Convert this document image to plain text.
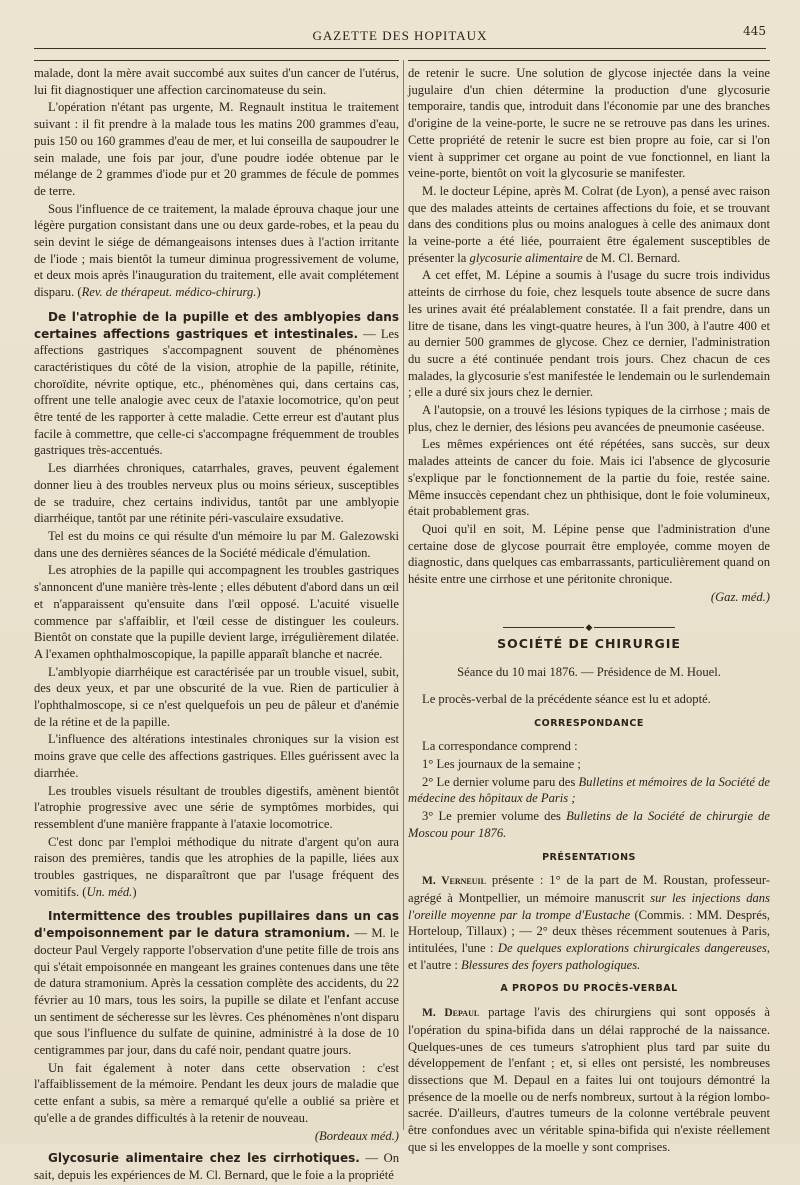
GAZETTE DES HOPITAUX	445

malade, dont la mère avait succombé aux suites d'un cancer de l'utérus, lui fit diagnostiquer une affection carcinomateuse du sein.

L'opération n'étant pas urgente, M. Regnault institua le traitement suivant : il fit prendre à la malade tous les matins 200 grammes d'eau, puis 150 ou 160 grammes d'eau de mer, et lui conseilla de saupoudrer le sein malade, une fois par jour, d'une poudre iodée obtenue par le mélange de 2 grammes d'iode pur et 20 grammes de fécule de pommes de terre.

Sous l'influence de ce traitement, la malade éprouva chaque jour une légère purgation consistant dans une ou deux garde-robes, et la peau du sein devint le siége de démangeaisons intenses dues à l'action irritante de l'iode ; mais bientôt la tumeur diminua progressivement de volume, et deux mois après l'inauguration du traitement, elle avait complétement disparu. (Rev. de thérapeut. médico-chirurg.)

De l'atrophie de la pupille et des amblyopies dans certaines affections gastriques et intestinales. — Les affections gastriques s'accompagnent souvent de phénomènes caractéristiques du côté de la vision, atrophie de la papille, rétinite, choroïdite, névrite optique, etc., phénomènes qui, dans certains cas, offrent une telle analogie avec ceux de l'ataxie locomotrice, qu'on peut être tenté de les rapporter à cette maladie. Cette erreur est d'autant plus facile à commettre, que celle-ci s'accompagne fréquemment de troubles gastriques très-accentués.

Les diarrhées chroniques, catarrhales, graves, peuvent également donner lieu à des troubles nerveux plus ou moins sérieux, susceptibles de se traduire, chez certains individus, tantôt par une amblyopie diarrhéique, tantôt par une rétinite péri-vasculaire exsudative.

Tel est du moins ce qui résulte d'un mémoire lu par M. Galezowski dans une des dernières séances de la Société médicale d'émulation.

Les atrophies de la papille qui accompagnent les troubles gastriques s'annoncent d'une manière très-lente ; elles débutent d'abord dans un œil et n'apparaissent qu'ensuite dans l'œil opposé. L'acuité visuelle commence par s'affaiblir, et l'œil cesse de distinguer les couleurs. Bientôt on constate que la pupille devient large, irrégulièrement dilatée. A l'examen ophthalmoscopique, la papille apparaît blanche et nacrée.

L'amblyopie diarrhéique est caractérisée par un trouble visuel, subit, des deux yeux, et par une obscurité de la vue. Rien de particulier à l'ophthalmoscope, si ce n'est quelquefois un peu de pâleur et d'anémie de la rétine et de la papille.

L'influence des altérations intestinales chroniques sur la vision est moins grave que celle des affections gastriques. Elles guérissent avec la diarrhée.

Les troubles visuels résultant de troubles digestifs, amènent bientôt l'atrophie progressive avec une série de symptômes morbides, qui ressemblent d'une manière frappante à l'ataxie locomotrice.

C'est donc par l'emploi méthodique du nitrate d'argent qu'on aura raison des premières, tandis que les atrophies de la papille, liées aux troubles gastriques, ne disparaîtront que par l'usage fréquent des vomitifs. (Un. méd.)

Intermittence des troubles pupillaires dans un cas d'empoisonnement par le datura stramonium. — M. le docteur Paul Vergely rapporte l'observation d'une petite fille de trois ans qui s'était empoisonnée en mangeant les graines contenues dans une tête de datura stramonium. Après la cessation complète des accidents, du 22 février au 10 mars, tous les soirs, la pupille se dilate et l'enfant accuse un sentiment de sécheresse sur les lèvres. Ces phénomènes n'ont disparu que sous l'influence du sulfate de quinine, administré à la dose de 10 centigrammes par jour, dans du café noir, pendant quatre jours.

Un fait également à noter dans cette observation : c'est l'affaiblissement de la mémoire. Pendant les deux jours de maladie que cette enfant a subis, sa mère a remarqué qu'elle a oublié sa prière et qu'elle a de grandes difficultés à la retenir de nouveau.

(Bordeaux méd.)

Glycosurie alimentaire chez les cirrhotiques. — On sait, depuis les expériences de M. Cl. Bernard, que le foie a la propriété

de retenir le sucre. Une solution de glycose injectée dans la veine jugulaire d'un chien détermine la production d'une glycosurie temporaire, tandis que, introduit dans l'économie par une des branches d'origine de la veine-porte, le sucre ne se retrouve pas dans les urines. Cette propriété de retenir le sucre est bien propre au foie, car si l'on vient à supprimer cet organe au point de vue fonctionnel, en liant la veine-porte, bientôt on voit la glycosurie se manifester.

M. le docteur Lépine, après M. Colrat (de Lyon), a pensé avec raison que des malades atteints de certaines affections du foie, et se trouvant dans des conditions plus ou moins analogues à celle des animaux dont la veine-porte a été liée, pourraient être également susceptibles de présenter la glycosurie alimentaire de M. Cl. Bernard.

A cet effet, M. Lépine a soumis à l'usage du sucre trois individus atteints de cirrhose du foie, chez lesquels toute absence de sucre dans les urines avait été préalablement constatée. Il a fait prendre, dans un litre de tisane, dans les vingt-quatre heures, à l'un 300, à l'autre 400 et au dernier 500 grammes de glycose. Chez ce dernier, l'administration du sucre a été continuée pendant trois jours. Chez chacun de ces malades, la glycosurie s'est manifestée le lendemain ou le surlendemain ; elle a duré six jours chez le dernier.

A l'autopsie, on a trouvé les lésions typiques de la cirrhose ; mais de plus, chez le dernier, des lésions peu avancées de pneumonie caséeuse.

Les mêmes expériences ont été répétées, sans succès, sur deux malades atteints de cancer du foie. Mais ici l'absence de glycosurie s'explique par le fonctionnement de la partie du foie, restée saine. Même insuccès cependant chez un phthisique, dont le foie volumineux, était probablement gras.

Quoi qu'il en soit, M. Lépine pense que l'administration d'une certaine dose de glycose pourrait être employée, comme moyen de diagnostic, dans quelques cas embarrassants, particulièrement quand on hésite entre une cirrhose et une péritonite chronique.

(Gaz. méd.)
◆
SOCIÉTÉ DE CHIRURGIE

Séance du 10 mai 1876. — Présidence de M. Houel.

Le procès-verbal de la précédente séance est lu et adopté.

CORRESPONDANCE

La correspondance comprend :

1° Les journaux de la semaine ;

2° Le dernier volume paru des Bulletins et mémoires de la Société de médecine des hôpitaux de Paris ;

3° Le premier volume des Bulletins de la Société de chirurgie de Moscou pour 1876.

PRÉSENTATIONS

M. Verneuil présente : 1° de la part de M. Roustan, professeur-agrégé à Montpellier, un mémoire manuscrit sur les injections dans l'oreille moyenne par la trompe d'Eustache (Commis. : MM. Després, Horteloup, Tillaux) ; — 2° deux thèses récemment soutenues à Paris, intitulées, l'une : De quelques explorations chirurgicales dangereuses, et l'autre : Blessures des foyers pathologiques.

A PROPOS DU PROCÈS-VERBAL

M. Depaul partage l'avis des chirurgiens qui sont opposés à l'opération du spina-bifida dans un délai rapproché de la naissance. Quelques-unes de ces tumeurs s'atrophient plus tard par suite du développement de l'enfant ; et, si elles ont persisté, les nombreuses dissections que M. Depaul en a faites lui ont toujours démontré la présence de la moelle ou de nerfs nombreux, surtout à la région lombo-sacrée. D'ailleurs, d'autres tumeurs de la colonne vertébrale peuvent être confondues avec un véritable spina-bifida qui n'existe réellement que si les enveloppes de la moelle y sont comprises.
